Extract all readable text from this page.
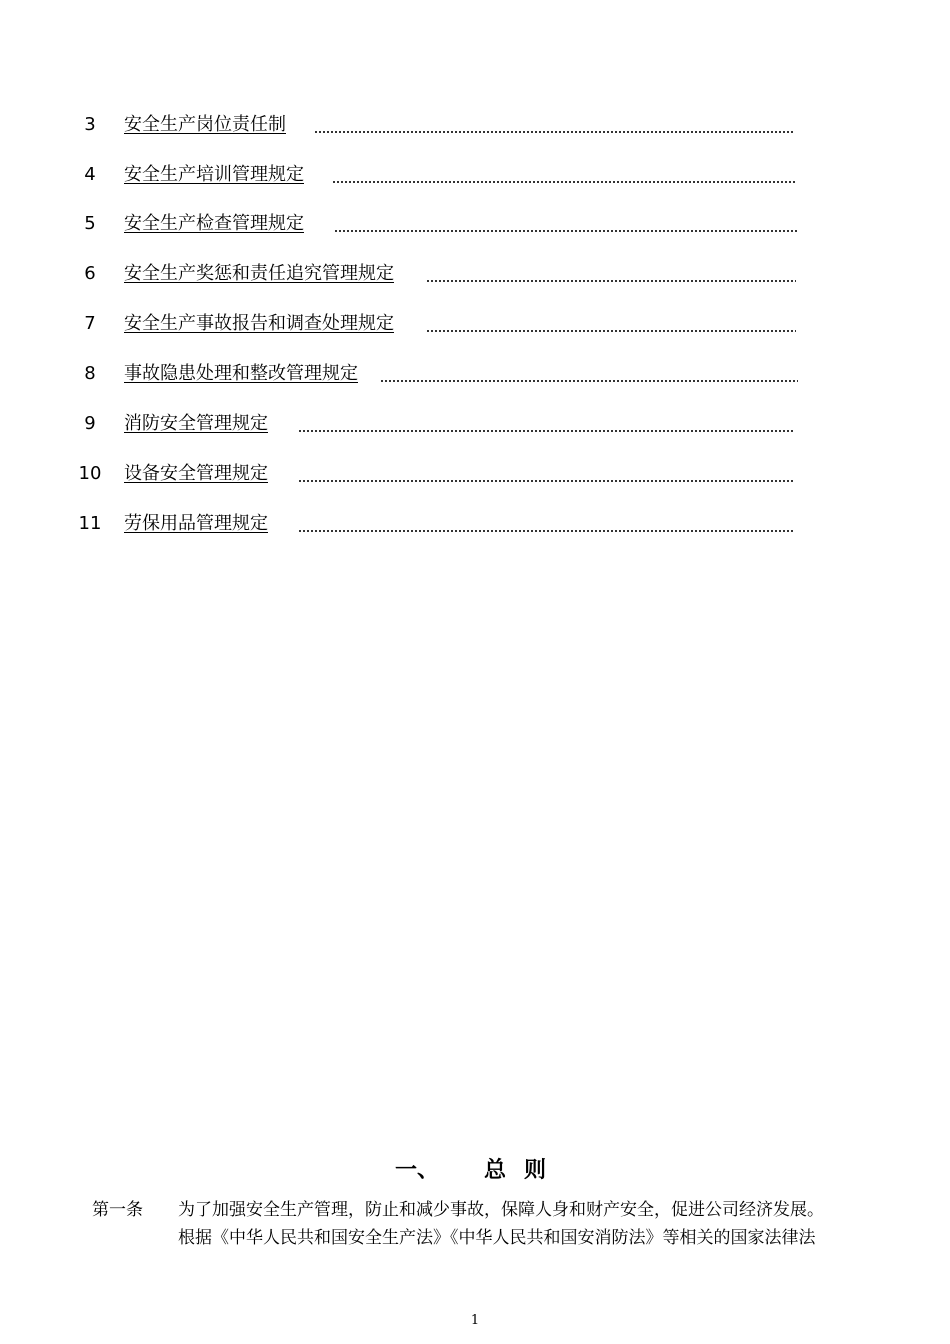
3	安全生产岗位责任制
4	安全生产培训管理规定
5	安全生产检查管理规定
6	安全生产奖惩和责任追究管理规定
7	安全生产事故报告和调查处理规定
8	事故隐患处理和整改管理规定
9	消防安全管理规定
10	设备安全管理规定
11	劳保用品管理规定
一、 总 则
第一条 为了加强安全生产管理，防止和减少事故，保障人身和财产安全，促进公司经济发展。
根据《中华人民共和国安全生产法》《中华人民共和国安消防法》等相关的国家法律法
1
